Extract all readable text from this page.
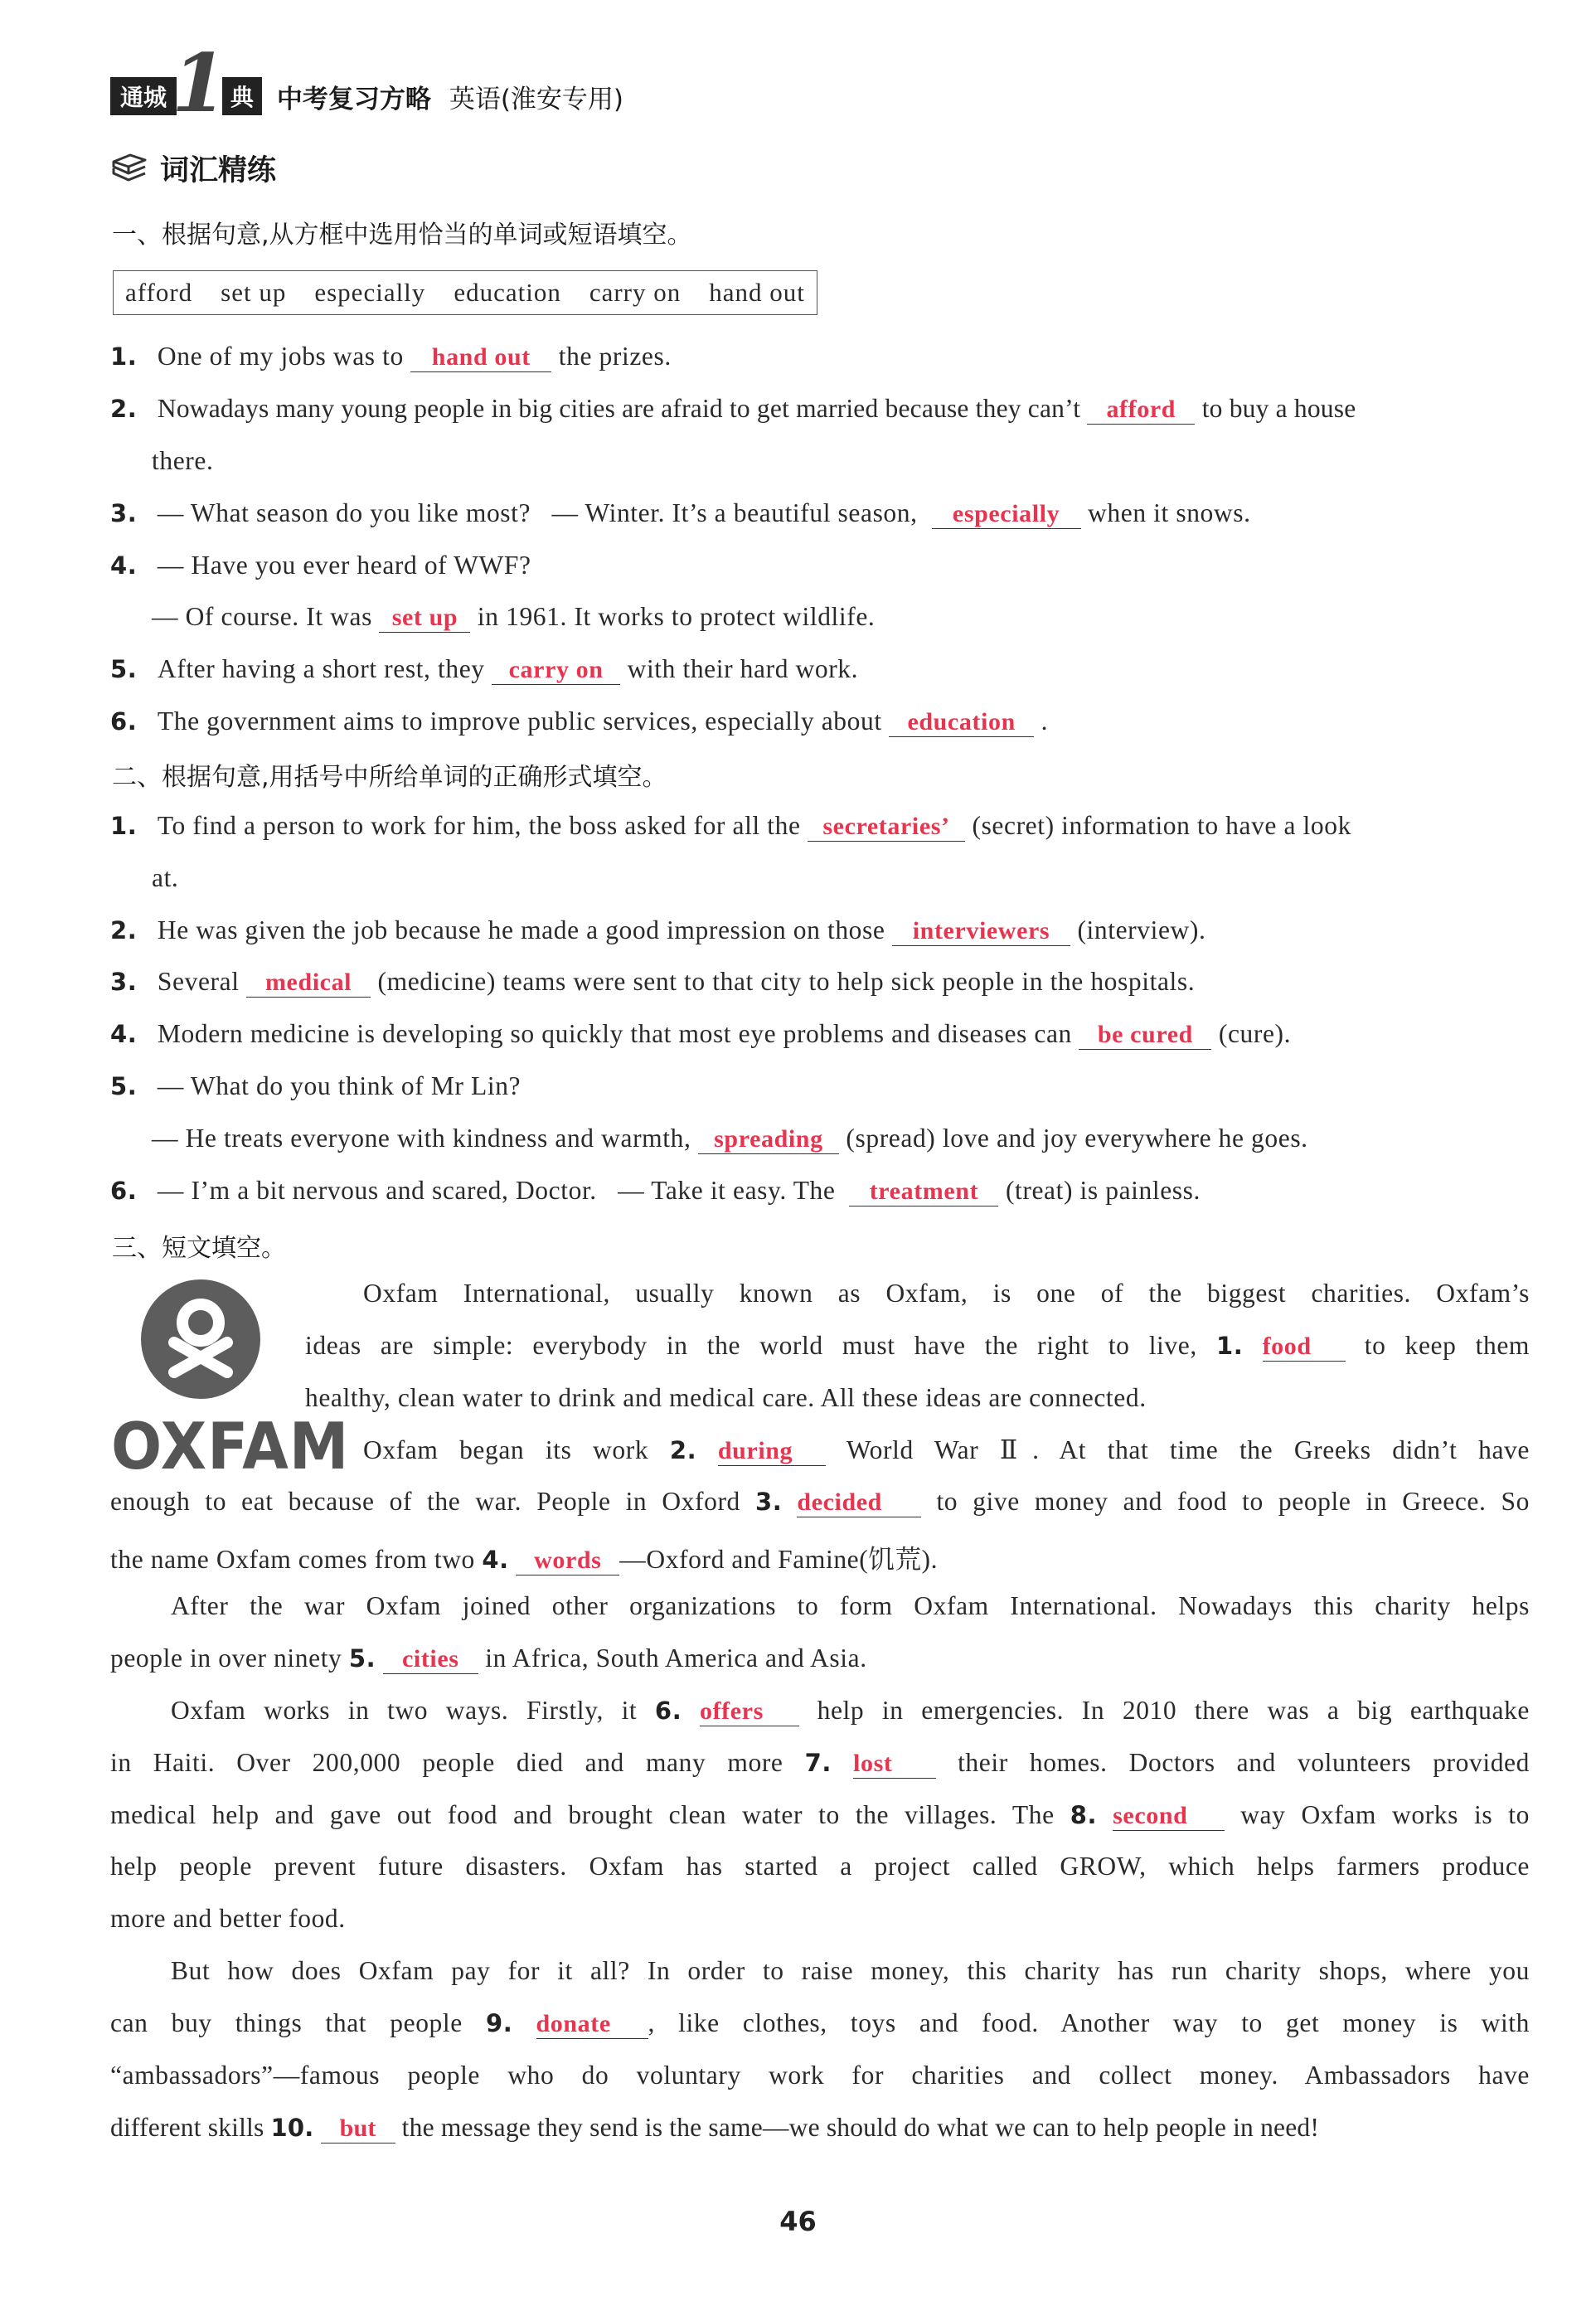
通城 1 典 中考复习方略 英语(淮安专用)
词汇精练
一、根据句意,从方框中选用恰当的单词或短语填空。
afford set up especially education carry on hand out
1. One of my jobs was to hand out the prizes.
2. Nowadays many young people in big cities are afraid to get married because they can’t afford to buy a house
there.
3. — What season do you like most?   — Winter. It’s a beautiful season,  especially when it snows.
4. — Have you ever heard of WWF?
— Of course. It was set up in 1961. It works to protect wildlife.
5. After having a short rest, they carry on with their hard work.
6. The government aims to improve public services, especially about education .
二、根据句意,用括号中所给单词的正确形式填空。
1. To find a person to work for him, the boss asked for all the secretaries’ (secret) information to have a look
at.
2. He was given the job because he made a good impression on those interviewers (interview).
3. Several medical (medicine) teams were sent to that city to help sick people in the hospitals.
4. Modern medicine is developing so quickly that most eye problems and diseases can be cured (cure).
5. — What do you think of Mr Lin?
— He treats everyone with kindness and warmth, spreading (spread) love and joy everywhere he goes.
6. — I’m a bit nervous and scared, Doctor.   — Take it easy. The  treatment (treat) is painless.
三、短文填空。
OXFAM
Oxfam International, usually known as Oxfam, is one of the biggest charities. Oxfam’s
ideas are simple: everybody in the world must have the right to live, 1. food to keep them
healthy, clean water to drink and medical care. All these ideas are connected.
Oxfam began its work 2. during World War Ⅱ. At that time the Greeks didn’t have
enough to eat because of the war. People in Oxford 3. decided to give money and food to people in Greece. So
the name Oxfam comes from two 4. words —Oxford and Famine(饥荒).
After the war Oxfam joined other organizations to form Oxfam International. Nowadays this charity helps
people in over ninety 5. cities in Africa, South America and Asia.
Oxfam works in two ways. Firstly, it 6. offers help in emergencies. In 2010 there was a big earthquake
in Haiti. Over 200,000 people died and many more 7. lost their homes. Doctors and volunteers provided
medical help and gave out food and brought clean water to the villages. The 8. second way Oxfam works is to
help people prevent future disasters. Oxfam has started a project called GROW, which helps farmers produce
more and better food.
But how does Oxfam pay for it all? In order to raise money, this charity has run charity shops, where you
can buy things that people 9. donate , like clothes, toys and food. Another way to get money is with
“ambassadors”—famous people who do voluntary work for charities and collect money. Ambassadors have
different skills 10. but the message they send is the same—we should do what we can to help people in need!
46
